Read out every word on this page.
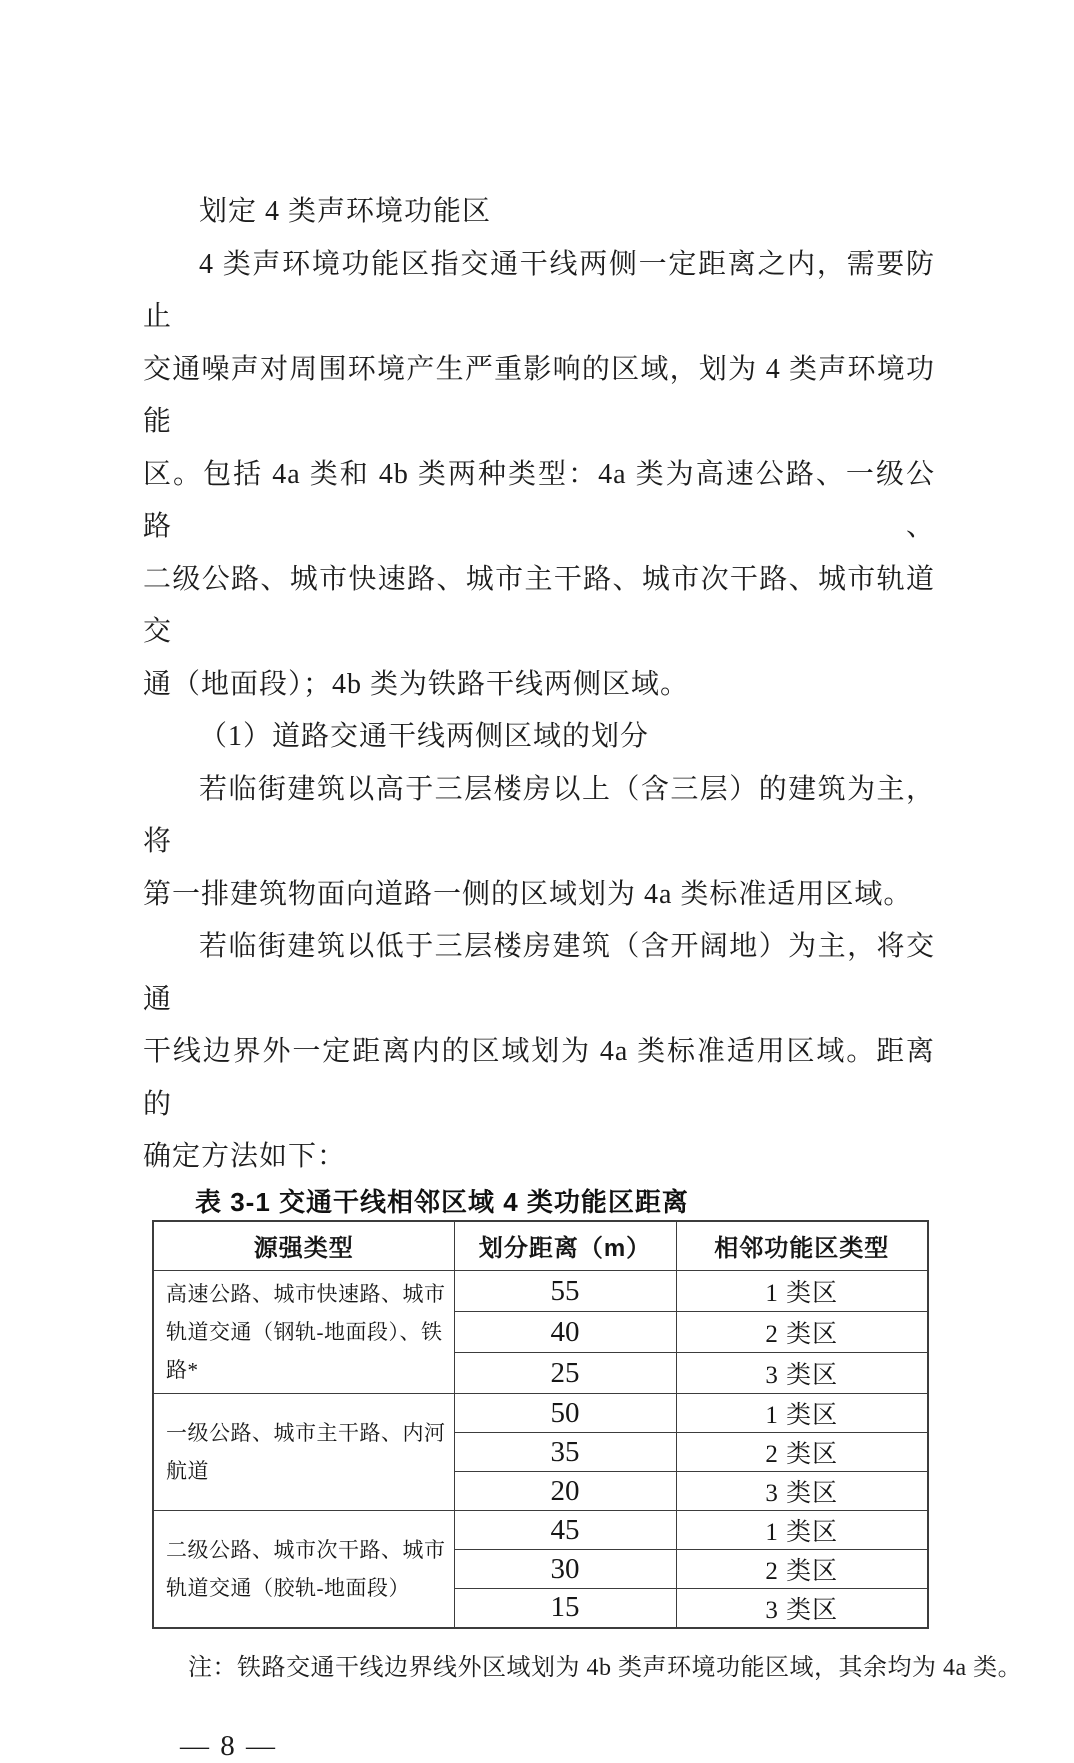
划定 4 类声环境功能区
4 类声环境功能区指交通干线两侧一定距离之内，需要防止
交通噪声对周围环境产生严重影响的区域，划为 4 类声环境功能
区。包括 4a 类和 4b 类两种类型：4a 类为高速公路、一级公路、
二级公路、城市快速路、城市主干路、城市次干路、城市轨道交
通（地面段）；4b 类为铁路干线两侧区域。
（1）道路交通干线两侧区域的划分
若临街建筑以高于三层楼房以上（含三层）的建筑为主，将
第一排建筑物面向道路一侧的区域划为 4a 类标准适用区域。
若临街建筑以低于三层楼房建筑（含开阔地）为主，将交通
干线边界外一定距离内的区域划为 4a 类标准适用区域。距离的
确定方法如下：
表 3-1 交通干线相邻区域 4 类功能区距离
源强类型	划分距离（m）	相邻功能区类型
高速公路、城市快速路、城市轨道交通（钢轨-地面段）、铁路*	55	1 类区
	40	2 类区
	25	3 类区
一级公路、城市主干路、内河航道	50	1 类区
	35	2 类区
	20	3 类区
二级公路、城市次干路、城市轨道交通（胶轨-地面段）	45	1 类区
	30	2 类区
	15	3 类区
注：铁路交通干线边界线外区域划为 4b 类声环境功能区域，其余均为 4a 类。
— 8 —
